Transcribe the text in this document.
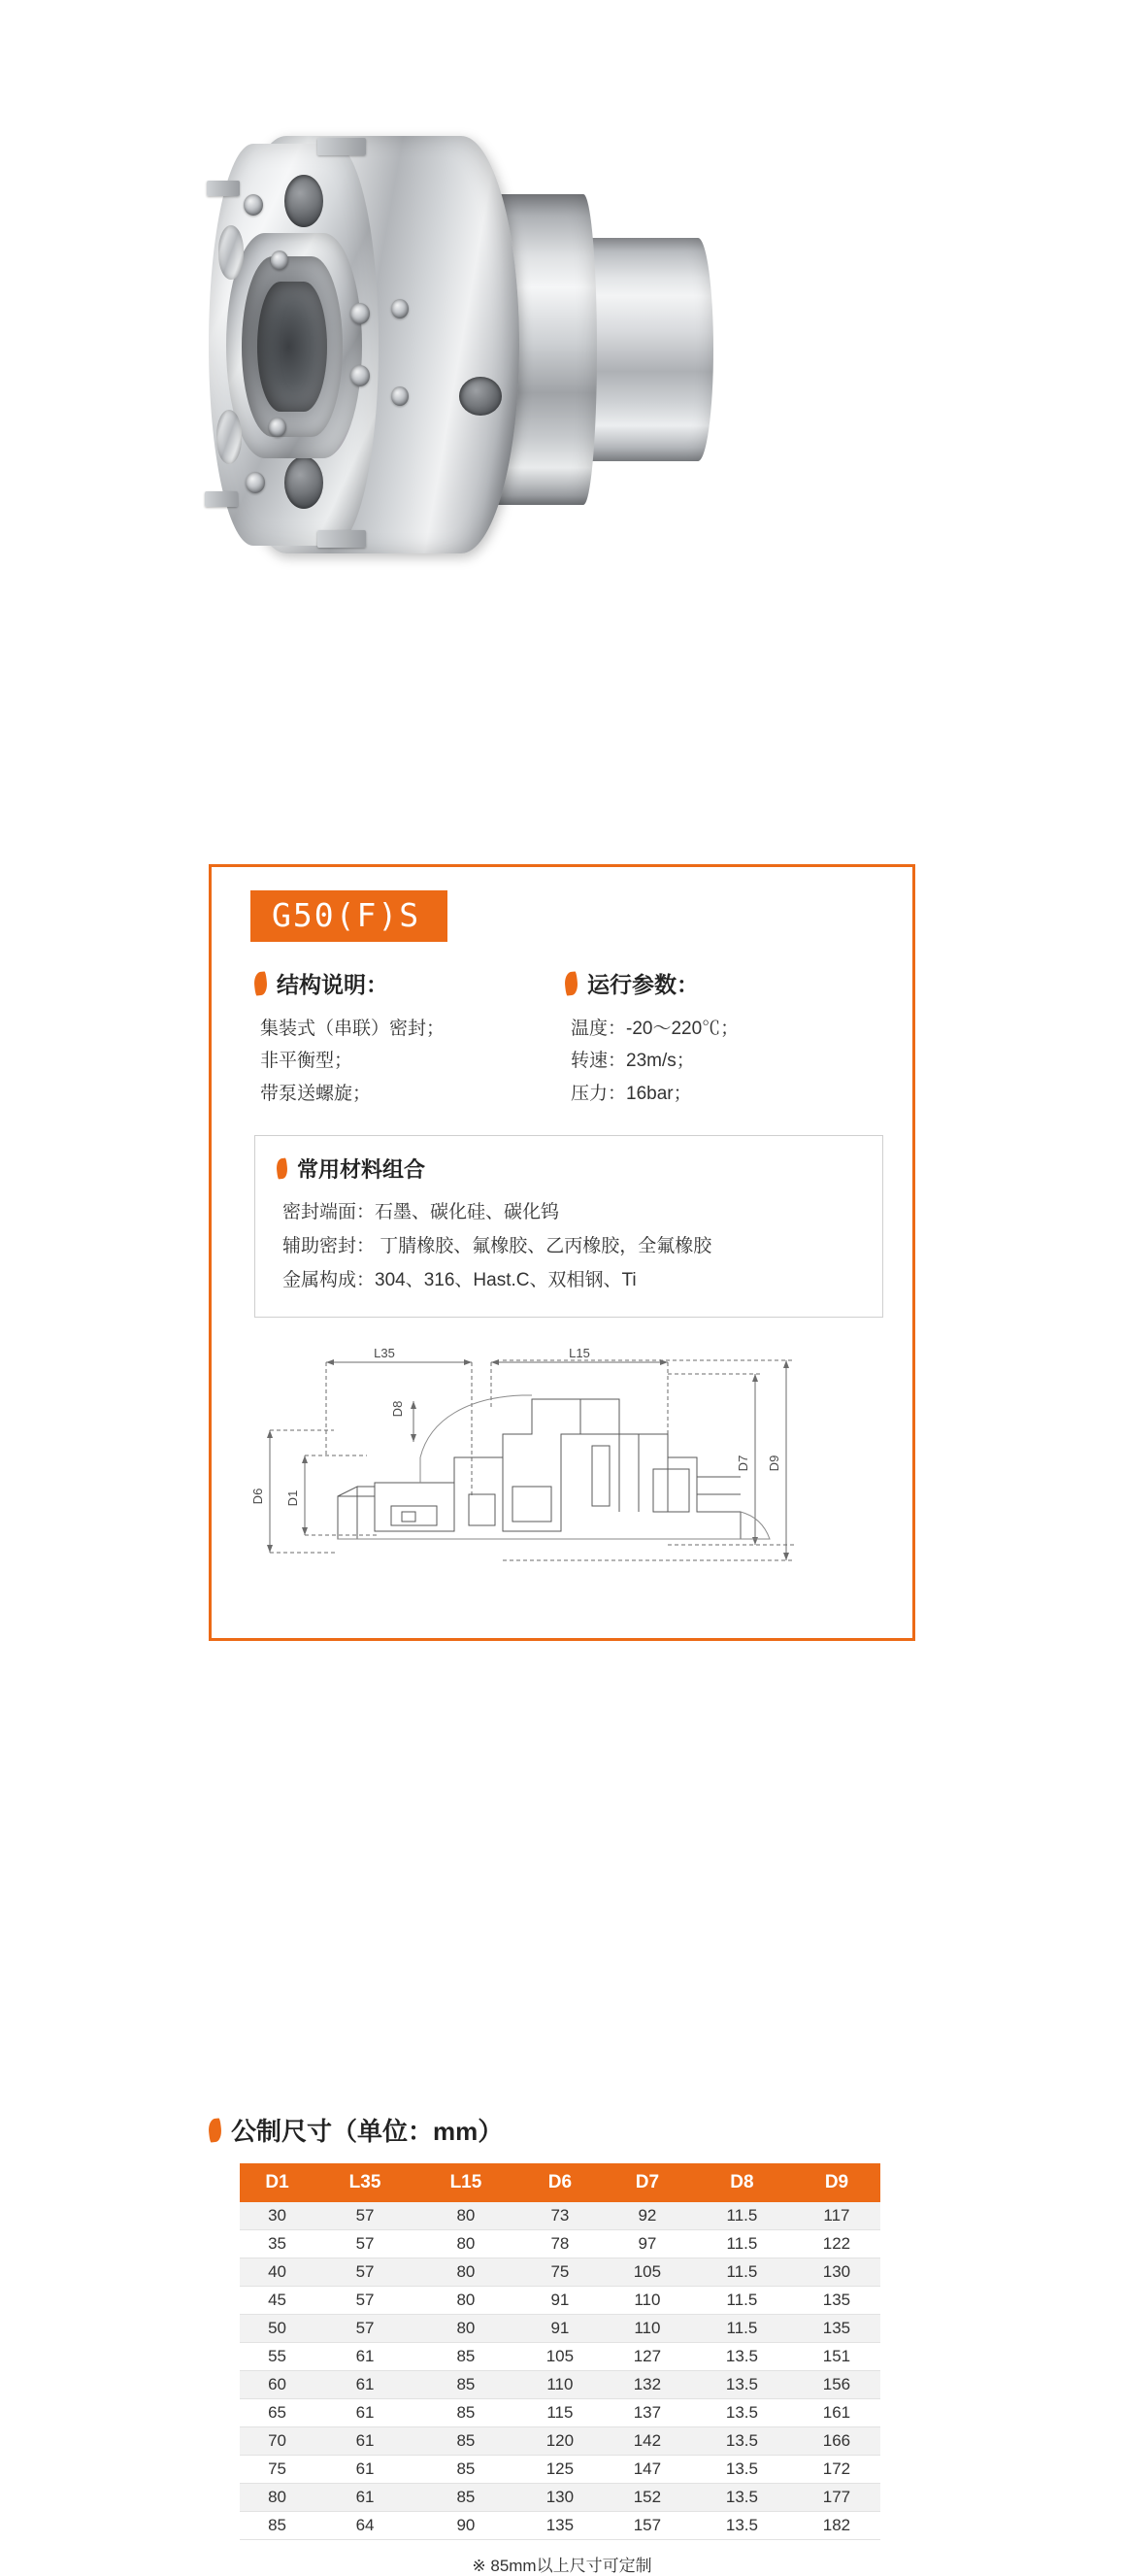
G50(F)S
结构说明：
集装式（串联）密封；
非平衡型；
带泵送螺旋；
运行参数：
温度：-20～220℃；
转速：23m/s；
压力：16bar；
常用材料组合
密封端面：石墨、碳化硅、碳化钨
辅助密封： 丁腈橡胶、氟橡胶、乙丙橡胶，全氟橡胶
金属构成：304、316、Hast.C、双相钢、Ti
L35	L15
D8
D6 D1
D7 D9
公制尺寸（单位：mm）
D1	L35	L15	D6	D7	D8	D9
30	57	80	73	92	11.5	117
35	57	80	78	97	11.5	122
40	57	80	75	105	11.5	130
45	57	80	91	110	11.5	135
50	57	80	91	110	11.5	135
55	61	85	105	127	13.5	151
60	61	85	110	132	13.5	156
65	61	85	115	137	13.5	161
70	61	85	120	142	13.5	166
75	61	85	125	147	13.5	172
80	61	85	130	152	13.5	177
85	64	90	135	157	13.5	182
※ 85mm以上尺寸可定制
